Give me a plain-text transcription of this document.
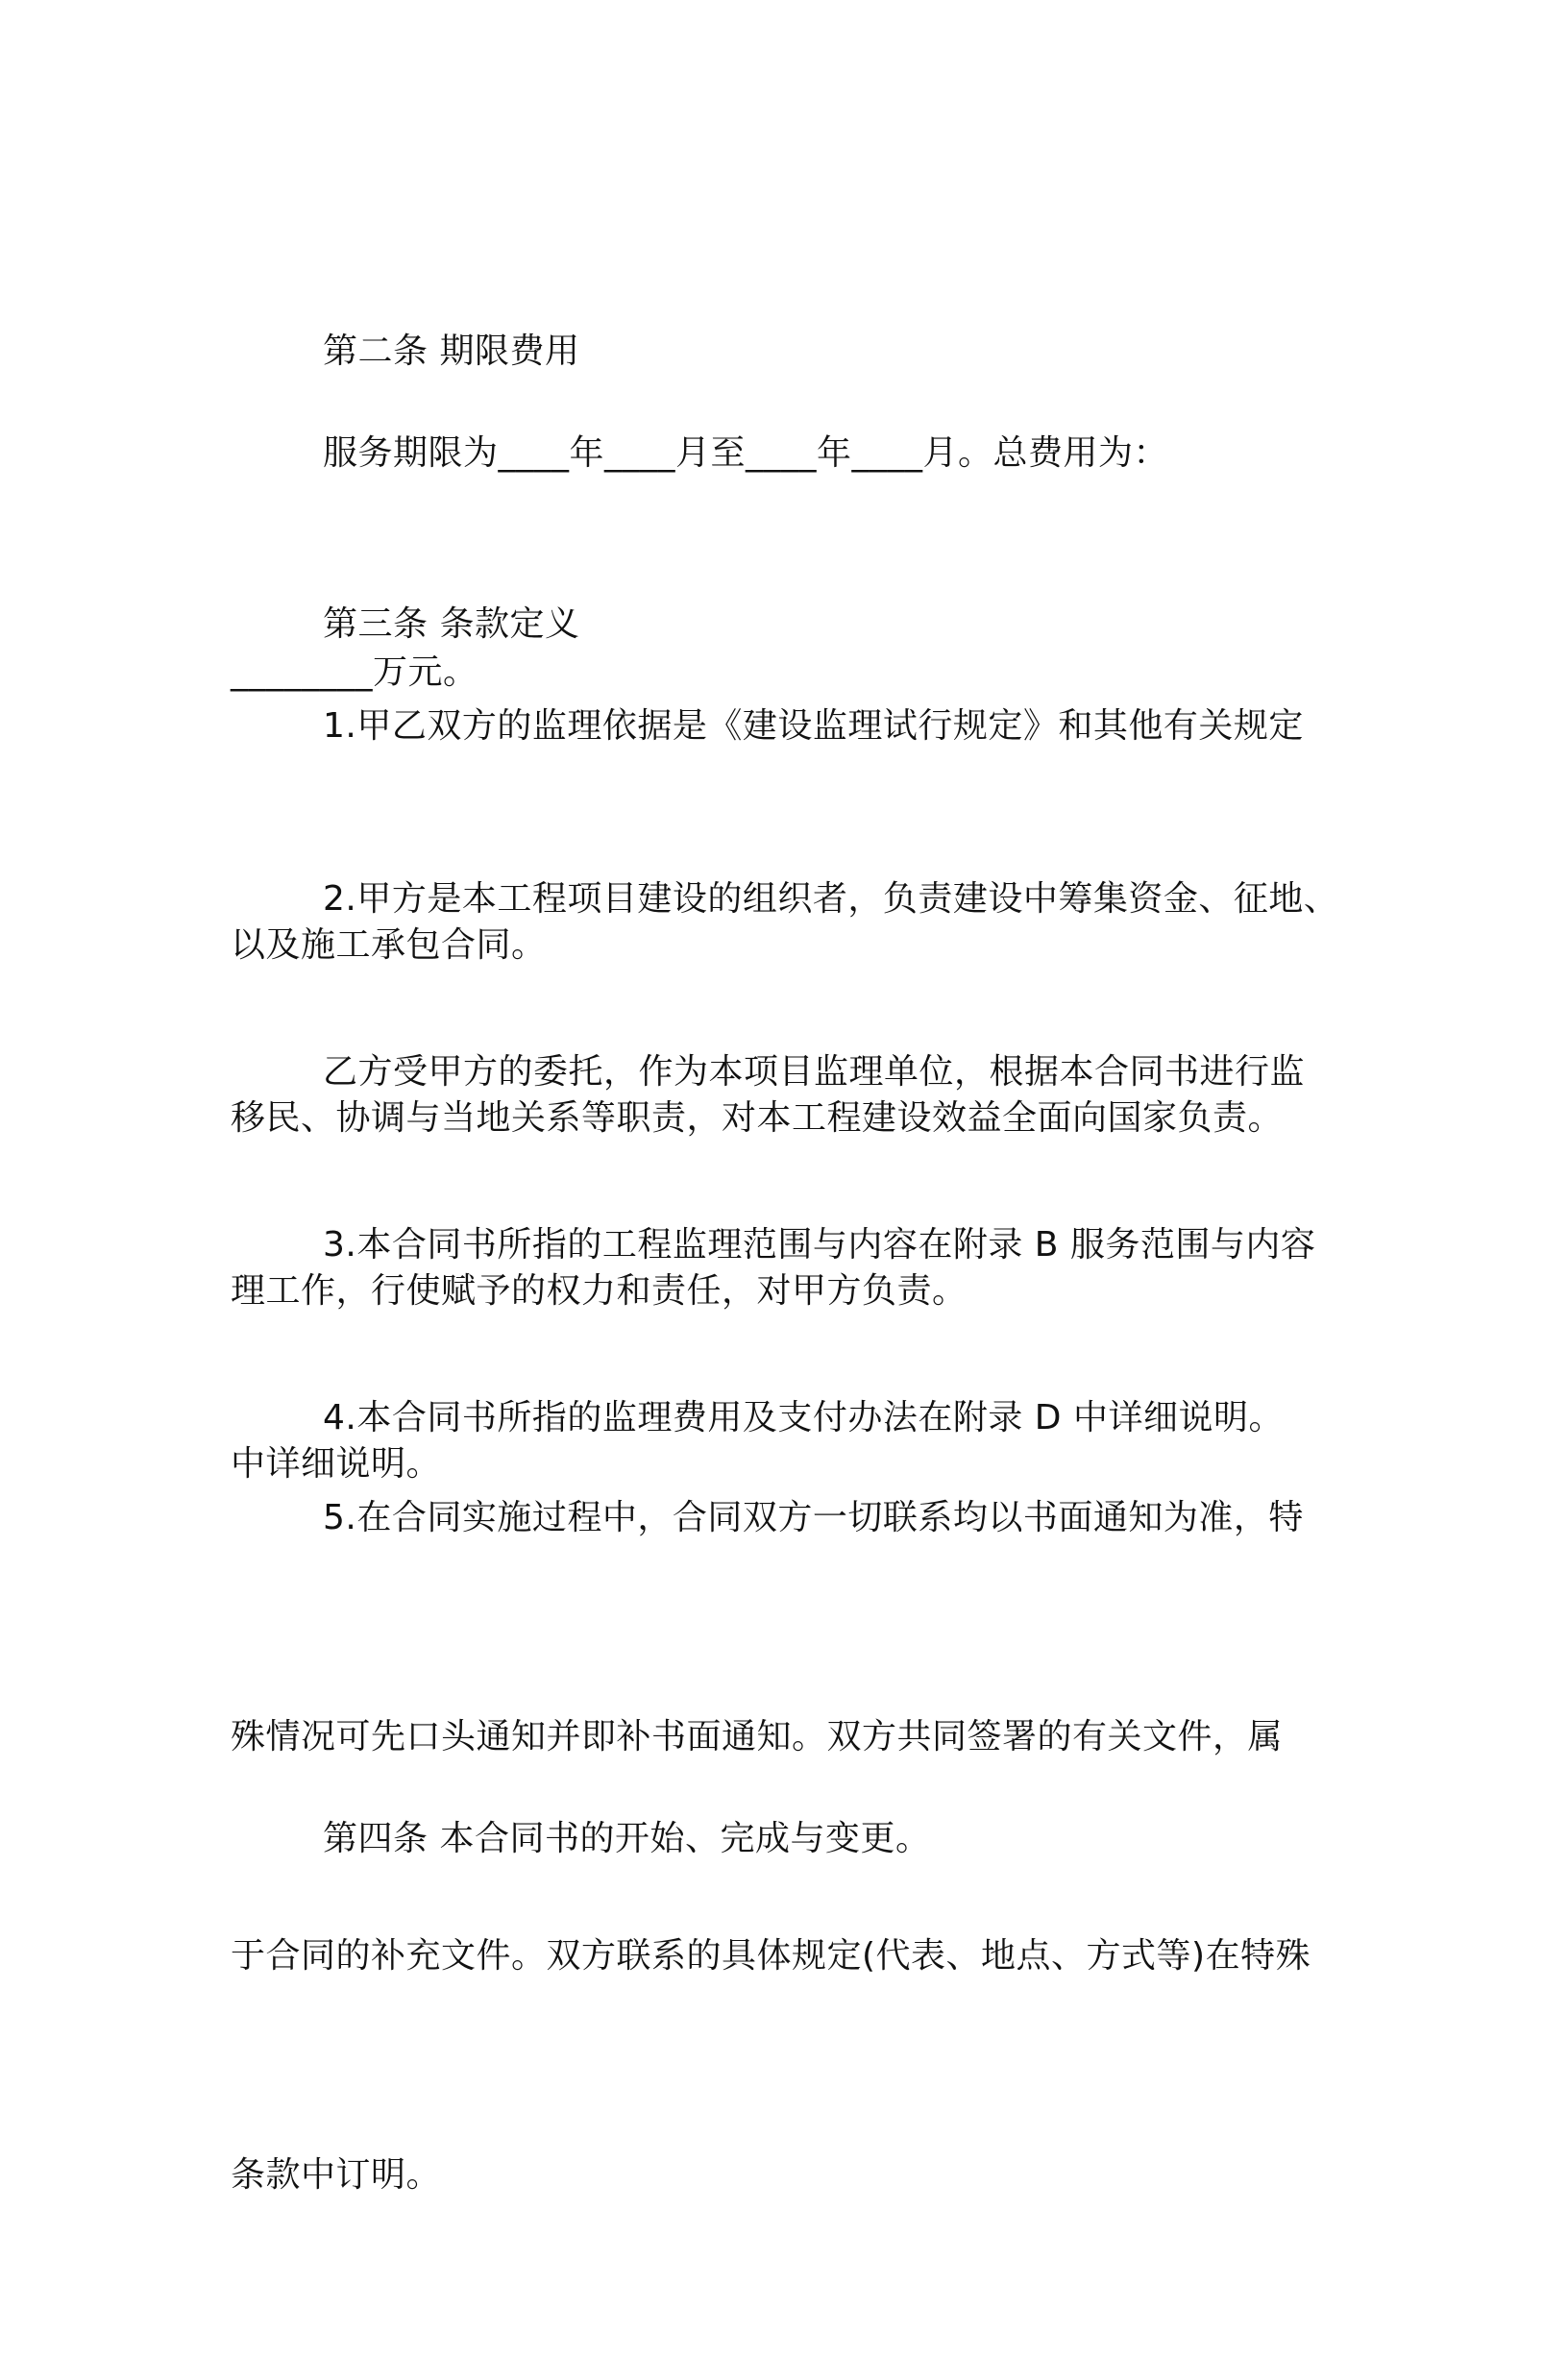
第二条 期限费用

服务期限为____年____月至____年____月。总费用为：

________万元。

第三条 条款定义

1.甲乙双方的监理依据是《建设监理试行规定》和其他有关规定

以及施工承包合同。

2.甲方是本工程项目建设的组织者，负责建设中筹集资金、征地、

移民、协调与当地关系等职责，对本工程建设效益全面向国家负责。

乙方受甲方的委托，作为本项目监理单位，根据本合同书进行监

理工作，行使赋予的权力和责任，对甲方负责。

3.本合同书所指的工程监理范围与内容在附录 B 服务范围与内容

中详细说明。

4.本合同书所指的监理费用及支付办法在附录 D 中详细说明。

5.在合同实施过程中，合同双方一切联系均以书面通知为准，特

殊情况可先口头通知并即补书面通知。双方共同签署的有关文件，属

于合同的补充文件。双方联系的具体规定(代表、地点、方式等)在特殊

条款中订明。

第四条 本合同书的开始、完成与变更。
